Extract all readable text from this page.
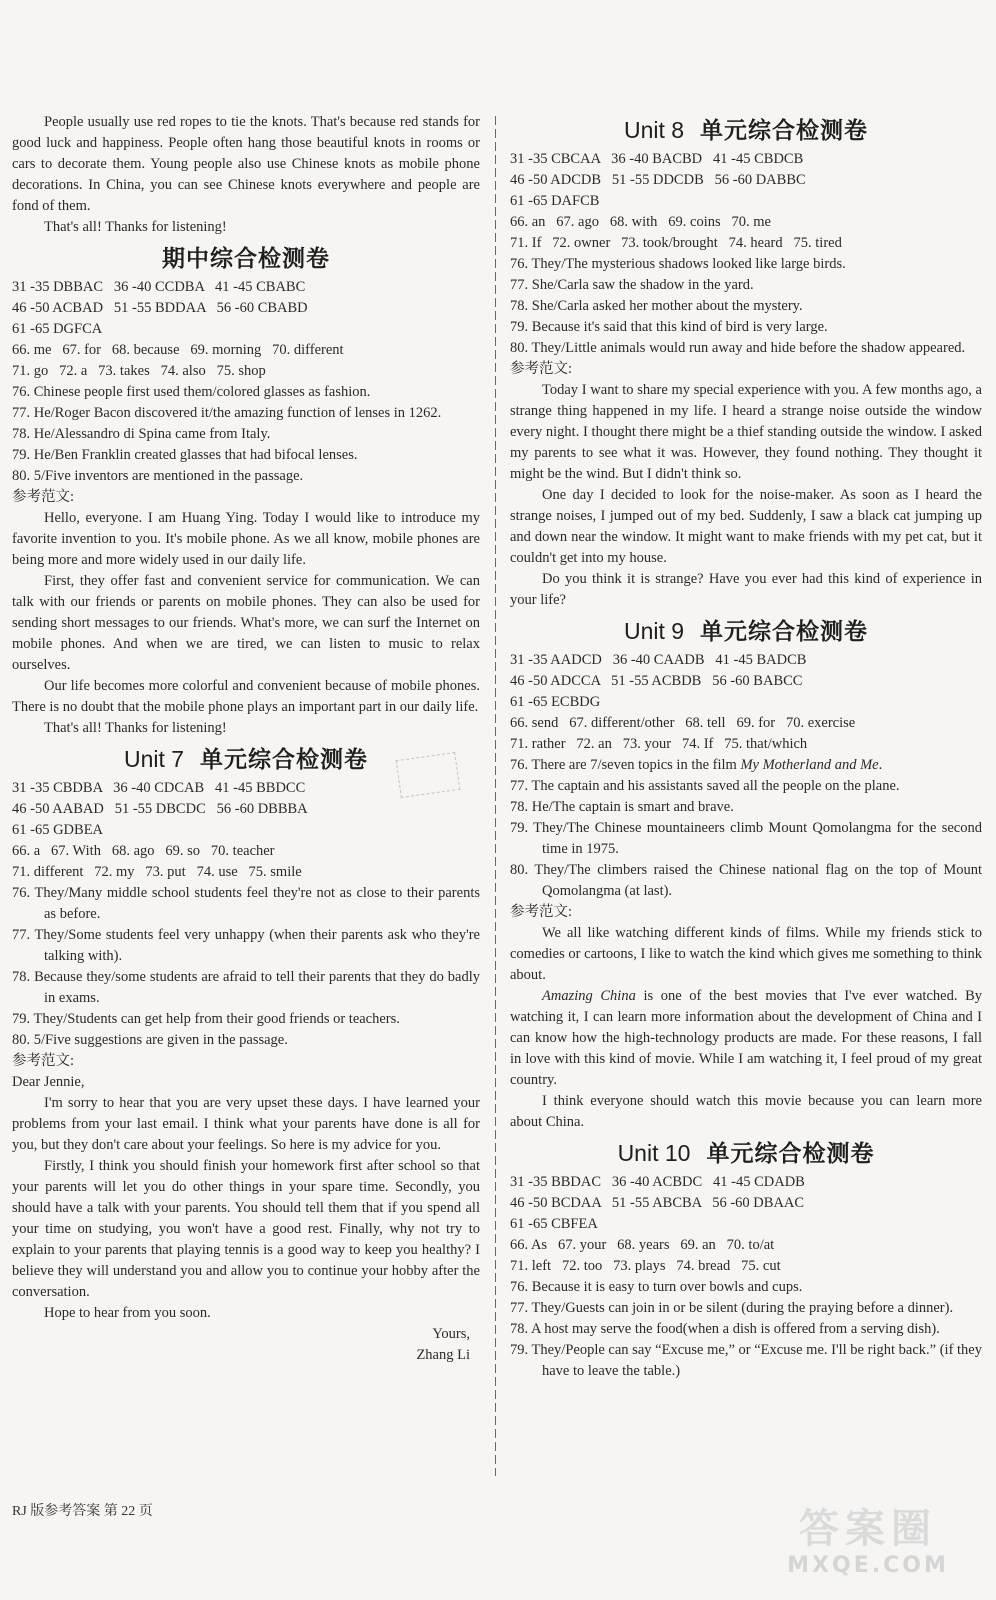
People usually use red ropes to tie the knots. That's because red stands for good luck and happiness. People often hang those beautiful knots in rooms or cars to decorate them. Young people also use Chinese knots as mobile phone decorations. In China, you can see Chinese knots everywhere and people are fond of them.

That's all! Thanks for listening!

期中综合检测卷

31 -35 DBBAC   36 -40 CCDBA   41 -45 CBABC

46 -50 ACBAD   51 -55 BDDAA   56 -60 CBABD

61 -65 DGFCA

66. me   67. for   68. because   69. morning   70. different

71. go   72. a   73. takes   74. also   75. shop

76. Chinese people first used them/colored glasses as fashion.

77. He/Roger Bacon discovered it/the amazing function of lenses in 1262.

78. He/Alessandro di Spina came from Italy.

79. He/Ben Franklin created glasses that had bifocal lenses.

80. 5/Five inventors are mentioned in the passage.

参考范文:

Hello, everyone. I am Huang Ying. Today I would like to introduce my favorite invention to you. It's mobile phone. As we all know, mobile phones are being more and more widely used in our daily life.

First, they offer fast and convenient service for communication. We can talk with our friends or parents on mobile phones. They can also be used for sending short messages to our friends. What's more, we can surf the Internet on mobile phones. And when we are tired, we can listen to music to relax ourselves.

Our life becomes more colorful and convenient because of mobile phones. There is no doubt that the mobile phone plays an important part in our daily life.

That's all! Thanks for listening!

Unit 7 单元综合检测卷

31 -35 CBDBA   36 -40 CDCAB   41 -45 BBDCC

46 -50 AABAD   51 -55 DBCDC   56 -60 DBBBA

61 -65 GDBEA

66. a   67. With   68. ago   69. so   70. teacher

71. different   72. my   73. put   74. use   75. smile

76. They/Many middle school students feel they're not as close to their parents as before.

77. They/Some students feel very unhappy (when their parents ask who they're talking with).

78. Because they/some students are afraid to tell their parents that they do badly in exams.

79. They/Students can get help from their good friends or teachers.

80. 5/Five suggestions are given in the passage.

参考范文:

Dear Jennie,

I'm sorry to hear that you are very upset these days. I have learned your problems from your last email. I think what your parents have done is all for you, but they don't care about your feelings. So here is my advice for you.

Firstly, I think you should finish your homework first after school so that your parents will let you do other things in your spare time. Secondly, you should have a talk with your parents. You should tell them that if you spend all your time on studying, you won't have a good rest. Finally, why not try to explain to your parents that playing tennis is a good way to keep you healthy? I believe they will understand you and allow you to continue your hobby after the conversation.

Hope to hear from you soon.

Yours,

Zhang Li

Unit 8 单元综合检测卷

31 -35 CBCAA   36 -40 BACBD   41 -45 CBDCB

46 -50 ADCDB   51 -55 DDCDB   56 -60 DABBC

61 -65 DAFCB

66. an   67. ago   68. with   69. coins   70. me

71. If   72. owner   73. took/brought   74. heard   75. tired

76. They/The mysterious shadows looked like large birds.

77. She/Carla saw the shadow in the yard.

78. She/Carla asked her mother about the mystery.

79. Because it's said that this kind of bird is very large.

80. They/Little animals would run away and hide before the shadow appeared.

参考范文:

Today I want to share my special experience with you. A few months ago, a strange thing happened in my life. I heard a strange noise outside the window every night. I thought there might be a thief standing outside the window. I asked my parents to see what it was. However, they found nothing. They thought it might be the wind. But I didn't think so.

One day I decided to look for the noise-maker. As soon as I heard the strange noises, I jumped out of my bed. Suddenly, I saw a black cat jumping up and down near the window. It might want to make friends with my pet cat, but it couldn't get into my house.

Do you think it is strange? Have you ever had this kind of experience in your life?

Unit 9 单元综合检测卷

31 -35 AADCD   36 -40 CAADB   41 -45 BADCB

46 -50 ADCCA   51 -55 ACBDB   56 -60 BABCC

61 -65 ECBDG

66. send   67. different/other   68. tell   69. for   70. exercise

71. rather   72. an   73. your   74. If   75. that/which

76. There are 7/seven topics in the film My Motherland and Me.

77. The captain and his assistants saved all the people on the plane.

78. He/The captain is smart and brave.

79. They/The Chinese mountaineers climb Mount Qomolangma for the second time in 1975.

80. They/The climbers raised the Chinese national flag on the top of Mount Qomolangma (at last).

参考范文:

We all like watching different kinds of films. While my friends stick to comedies or cartoons, I like to watch the kind which gives me something to think about.

Amazing China is one of the best movies that I've ever watched. By watching it, I can learn more information about the development of China and I can know how the high-technology products are made. For these reasons, I fall in love with this kind of movie. While I am watching it, I feel proud of my great country.

I think everyone should watch this movie because you can learn more about China.

Unit 10 单元综合检测卷

31 -35 BBDAC   36 -40 ACBDC   41 -45 CDADB

46 -50 BCDAA   51 -55 ABCBA   56 -60 DBAAC

61 -65 CBFEA

66. As   67. your   68. years   69. an   70. to/at

71. left   72. too   73. plays   74. bread   75. cut

76. Because it is easy to turn over bowls and cups.

77. They/Guests can join in or be silent (during the praying before a dinner).

78. A host may serve the food(when a dish is offered from a serving dish).

79. They/People can say “Excuse me,” or “Excuse me. I'll be right back.” (if they have to leave the table.)

RJ 版参考答案 第 22 页	答案圈
MXQE.COM
